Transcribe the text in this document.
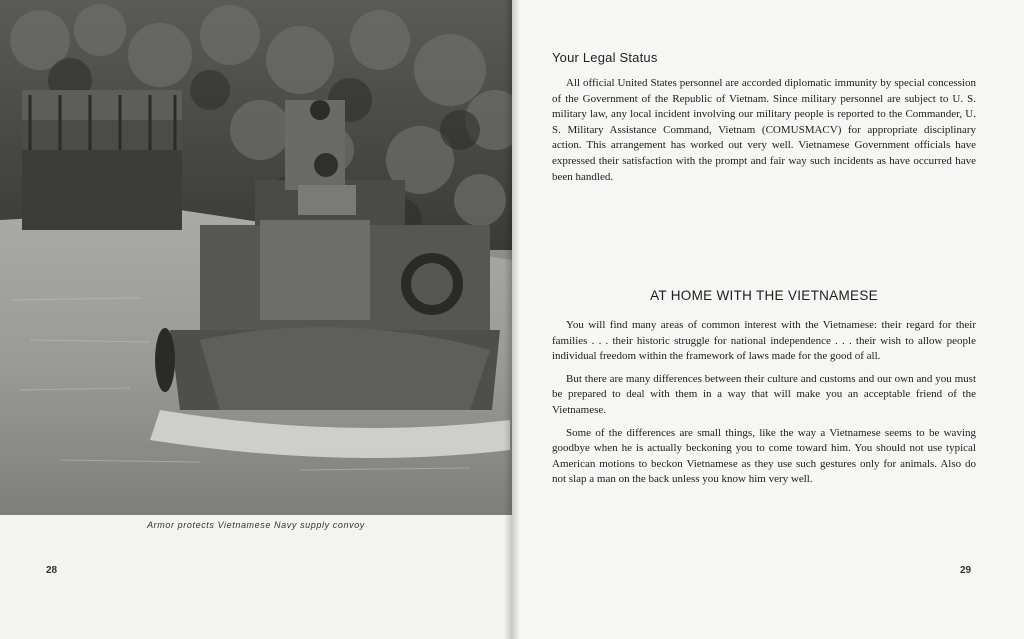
Armor protects Vietnamese Navy supply convoy
28
Your Legal Status

All official United States personnel are accorded diplomatic immunity by special concession of the Government of the Republic of Vietnam. Since military personnel are subject to U. S. military law, any local incident involving our military people is reported to the Commander, U. S. Military Assistance Command, Vietnam (COMUSMACV) for appropriate disciplinary action. This arrangement has worked out very well. Vietnamese Government officials have expressed their satisfaction with the prompt and fair way such incidents as have occurred have been handled.

AT HOME WITH THE VIETNAMESE

You will find many areas of common interest with the Vietnamese: their regard for their families . . . their historic struggle for national independence . . . their wish to allow people individual freedom within the framework of laws made for the good of all.

But there are many differences between their culture and customs and our own and you must be prepared to deal with them in a way that will make you an acceptable friend of the Vietnamese.

Some of the differences are small things, like the way a Vietnamese seems to be waving goodbye when he is actually beckoning you to come toward him. You should not use typical American motions to beckon Vietnamese as they use such gestures only for animals. Also do not slap a man on the back unless you know him very well.

29
